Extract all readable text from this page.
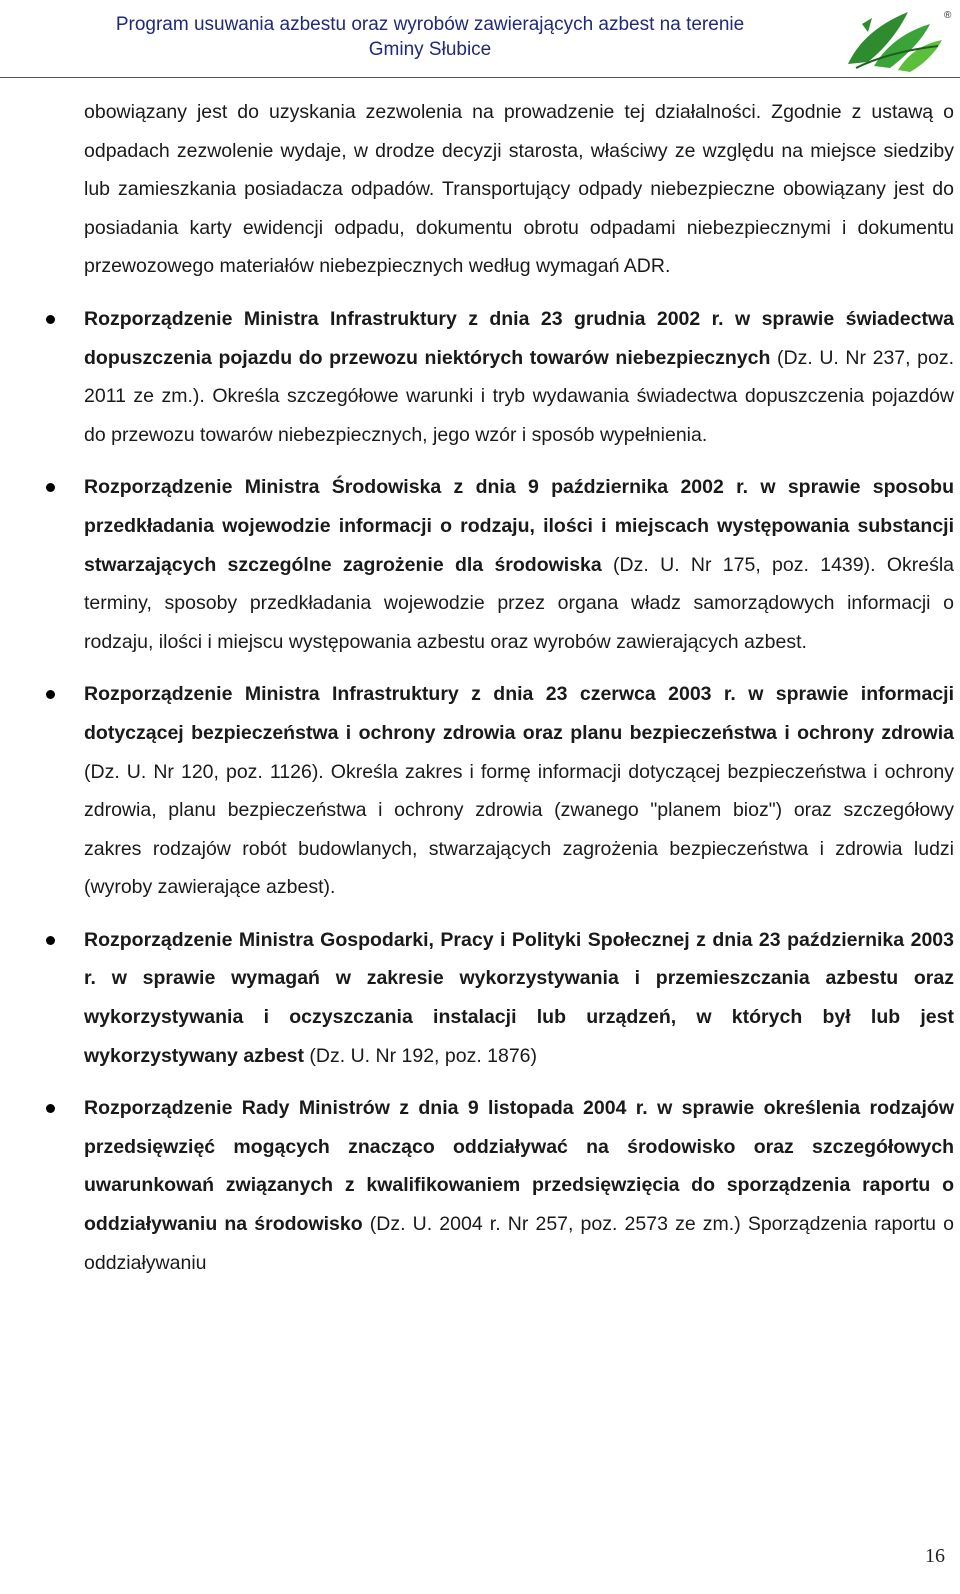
Program usuwania azbestu oraz wyrobów zawierających azbest na terenie
Gminy Słubice
®

obowiązany jest do uzyskania zezwolenia na prowadzenie tej działalności. Zgodnie z ustawą o odpadach zezwolenie wydaje, w drodze decyzji starosta, właściwy ze względu na miejsce siedziby lub zamieszkania posiadacza odpadów. Transportujący odpady niebezpieczne obowiązany jest do posiadania karty ewidencji odpadu, dokumentu obrotu odpadami niebezpiecznymi i dokumentu przewozowego materiałów niebezpiecznych według wymagań ADR.

Rozporządzenie Ministra Infrastruktury z dnia 23 grudnia 2002 r. w sprawie świadectwa dopuszczenia pojazdu do przewozu niektórych towarów niebezpiecznych (Dz. U. Nr 237, poz. 2011 ze zm.). Określa szczegółowe warunki i tryb wydawania świadectwa dopuszczenia pojazdów do przewozu towarów niebezpiecznych, jego wzór i sposób wypełnienia.
Rozporządzenie Ministra Środowiska z dnia 9 października 2002 r. w sprawie sposobu przedkładania wojewodzie informacji o rodzaju, ilości i miejscach występowania substancji stwarzających szczególne zagrożenie dla środowiska (Dz. U. Nr 175, poz. 1439). Określa terminy, sposoby przedkładania wojewodzie przez organa władz samorządowych informacji o rodzaju, ilości i miejscu występowania azbestu oraz wyrobów zawierających azbest.
Rozporządzenie Ministra Infrastruktury z dnia 23 czerwca 2003 r. w sprawie informacji dotyczącej bezpieczeństwa i ochrony zdrowia oraz planu bezpieczeństwa i ochrony zdrowia (Dz. U. Nr 120, poz. 1126). Określa zakres i formę informacji dotyczącej bezpieczeństwa i ochrony zdrowia, planu bezpieczeństwa i ochrony zdrowia (zwanego "planem bioz") oraz szczegółowy zakres rodzajów robót budowlanych, stwarzających zagrożenia bezpieczeństwa i zdrowia ludzi (wyroby zawierające azbest).
Rozporządzenie Ministra Gospodarki, Pracy i Polityki Społecznej z dnia 23 października 2003 r. w sprawie wymagań w zakresie wykorzystywania i przemieszczania azbestu oraz wykorzystywania i oczyszczania instalacji lub urządzeń, w których był lub jest wykorzystywany azbest (Dz. U. Nr 192, poz. 1876)
Rozporządzenie Rady Ministrów z dnia 9 listopada 2004 r. w sprawie określenia rodzajów przedsięwzięć mogących znacząco oddziaływać na środowisko oraz szczegółowych uwarunkowań związanych z kwalifikowaniem przedsięwzięcia do sporządzenia raportu o oddziaływaniu na środowisko (Dz. U. 2004 r. Nr 257, poz. 2573 ze zm.) Sporządzenia raportu o oddziaływaniu
16
